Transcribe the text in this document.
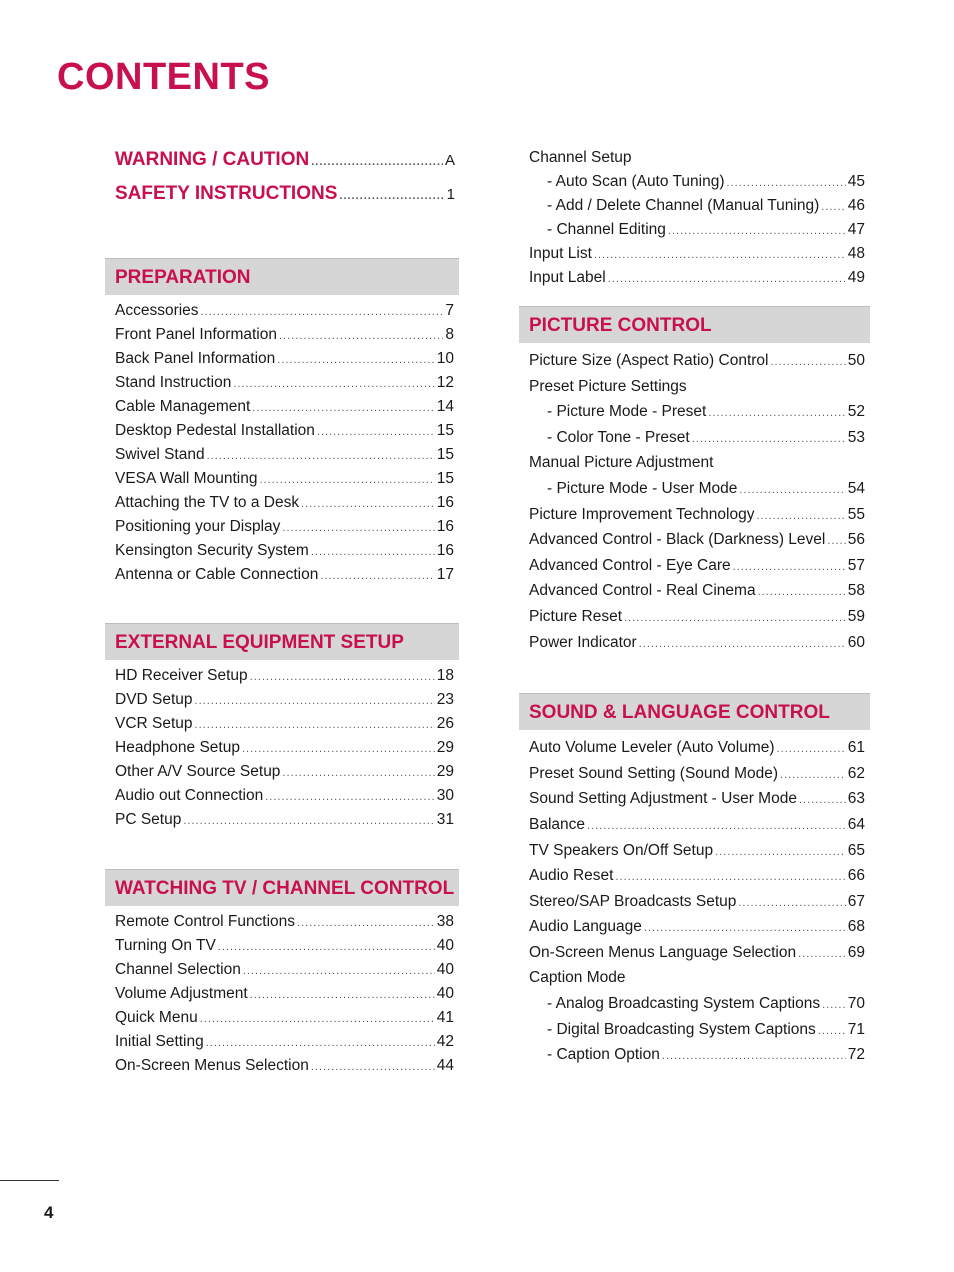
CONTENTS
WARNING / CAUTION .....	A
SAFETY INSTRUCTIONS .....	1
PREPARATION
Accessories .....	7
Front Panel Information .....	8
Back Panel Information .....	10
Stand Instruction .....	12
Cable Management .....	14
Desktop Pedestal Installation .....	15
Swivel Stand .....	15
VESA Wall Mounting .....	15
Attaching the TV to a Desk .....	16
Positioning your Display .....	16
Kensington Security System .....	16
Antenna or Cable Connection .....	17
EXTERNAL EQUIPMENT SETUP
HD Receiver Setup .....	18
DVD Setup .....	23
VCR Setup .....	26
Headphone Setup .....	29
Other A/V Source Setup .....	29
Audio out Connection .....	30
PC Setup .....	31
WATCHING TV / CHANNEL CONTROL
Remote Control Functions .....	38
Turning On TV .....	40
Channel Selection .....	40
Volume Adjustment .....	40
Quick Menu .....	41
Initial Setting .....	42
On-Screen Menus Selection .....	44
Channel Setup
- Auto Scan (Auto Tuning) .....	45
- Add / Delete Channel (Manual Tuning) ..... 46
- Channel Editing .....	47
Input List .....	48
Input Label .....	49
PICTURE CONTROL
Picture Size (Aspect Ratio) Control .....	50
Preset Picture Settings
- Picture Mode - Preset .....	52
- Color Tone - Preset .....	53
Manual Picture Adjustment
- Picture Mode - User Mode .....	54
Picture Improvement Technology .....	55
Advanced Control - Black (Darkness) Level ..... 56
Advanced Control - Eye Care .....	57
Advanced Control - Real Cinema .....	58
Picture Reset .....	59
Power Indicator .....	60
SOUND & LANGUAGE CONTROL
Auto Volume Leveler (Auto Volume) .....	61
Preset Sound Setting (Sound Mode) .....	62
Sound Setting Adjustment - User Mode .....	63
Balance .....	64
TV Speakers On/Off Setup .....	65
Audio Reset .....	66
Stereo/SAP Broadcasts Setup .....	67
Audio Language .....	68
On-Screen Menus Language Selection .....	69
Caption Mode
- Analog Broadcasting System Captions ..... 70
- Digital Broadcasting System Captions ..... 71
- Caption Option .....	72
4
